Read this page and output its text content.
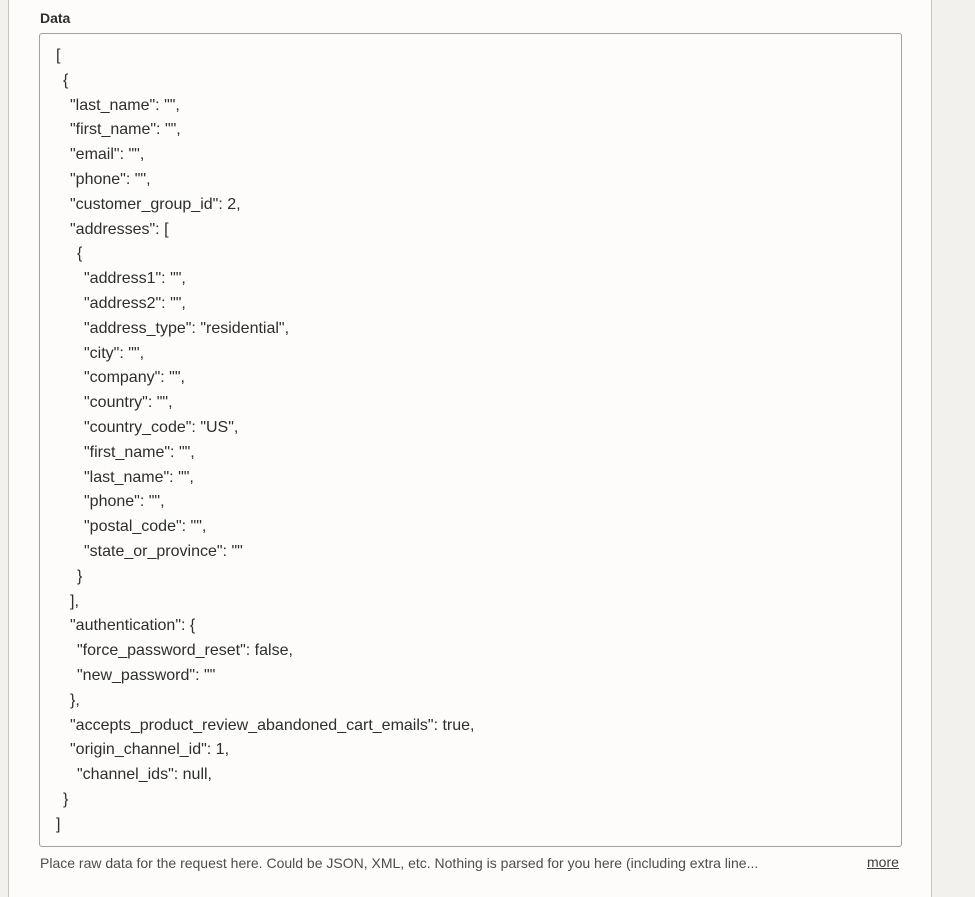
Data
[
{
"last_name": "",
"first_name": "",
"email": "",
"phone": "",
"customer_group_id": 2,
"addresses": [
{
"address1": "",
"address2": "",
"address_type": "residential",
"city": "",
"company": "",
"country": "",
"country_code": "US",
"first_name": "",
"last_name": "",
"phone": "",
"postal_code": "",
"state_or_province": ""
}
],
"authentication": {
"force_password_reset": false,
"new_password": ""
},
"accepts_product_review_abandoned_cart_emails": true,
"origin_channel_id": 1,
"channel_ids": null,
}
]
Place raw data for the request here. Could be JSON, XML, etc. Nothing is parsed for you here (including extra line...	more
